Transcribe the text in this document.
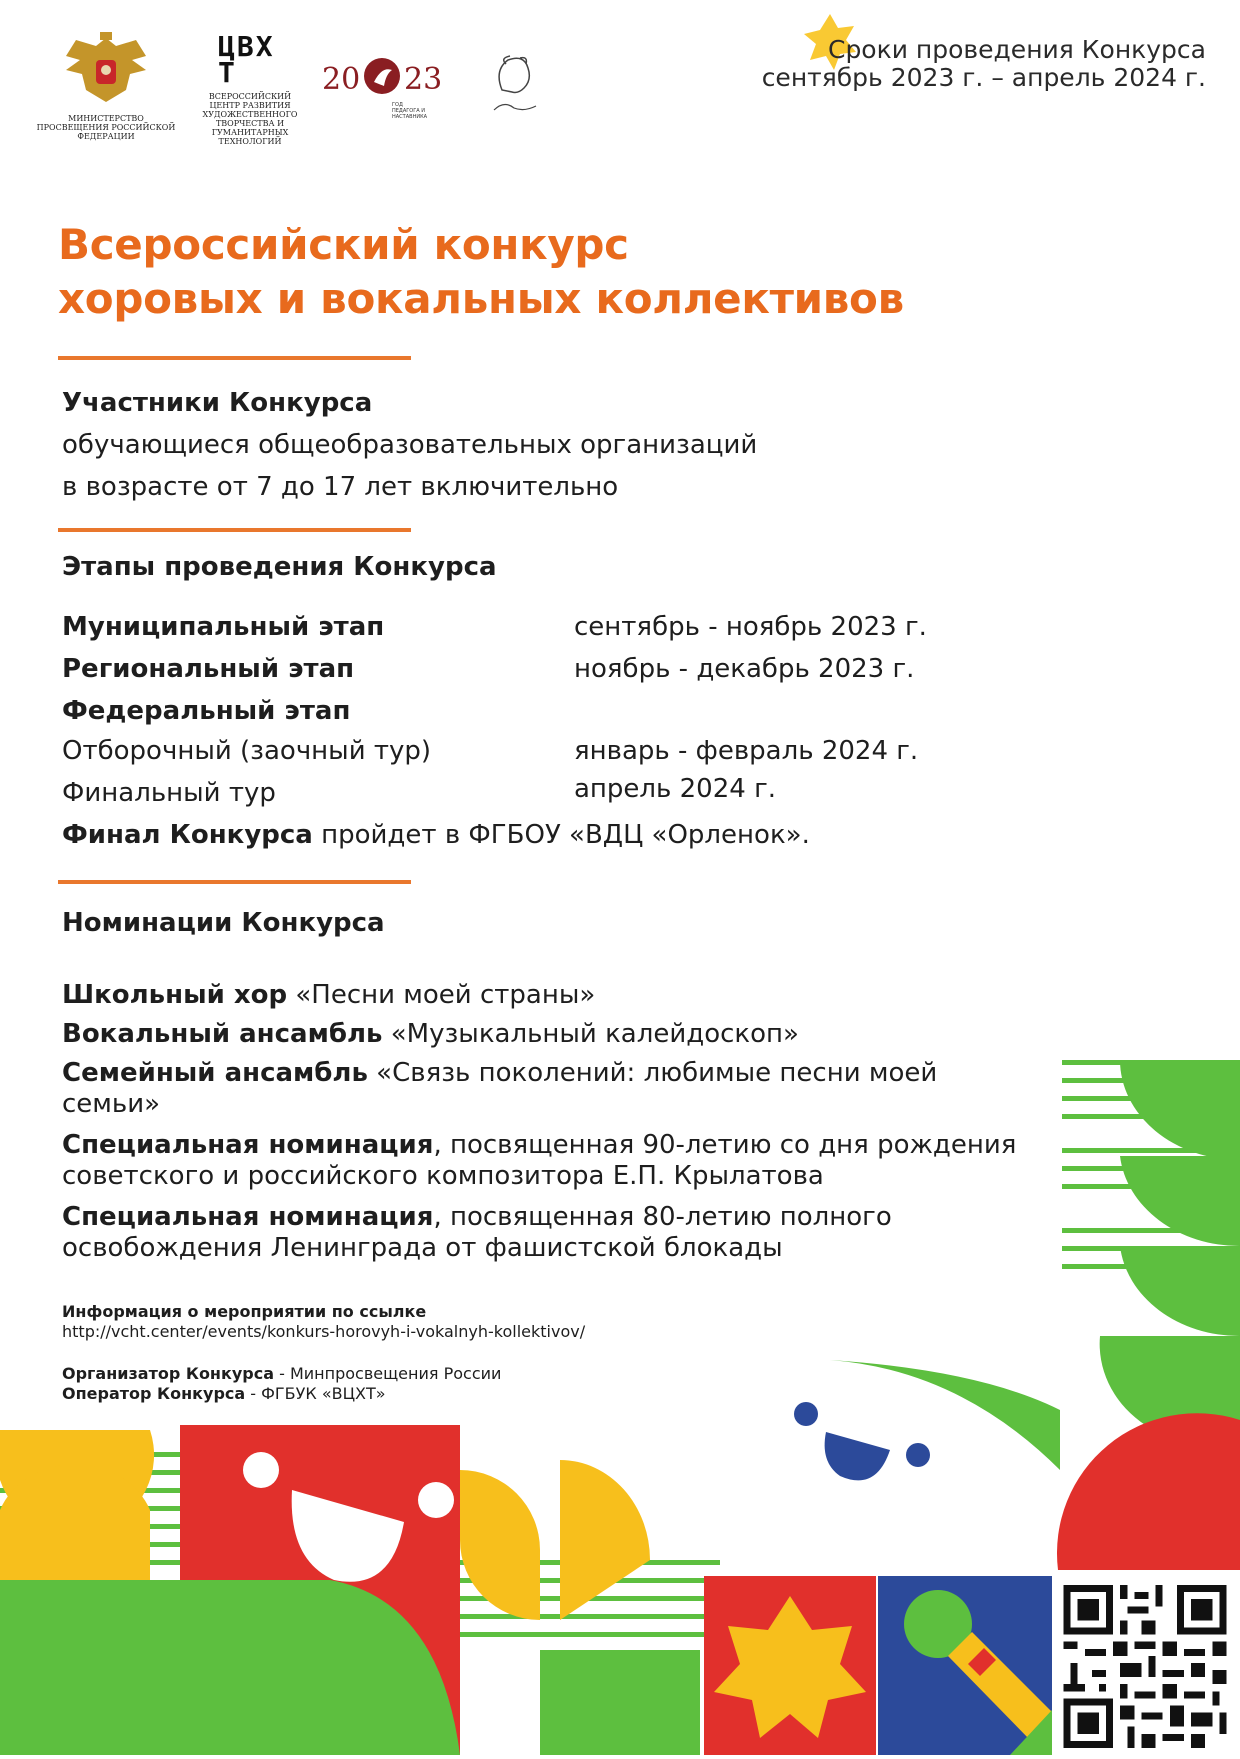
МИНИСТЕРСТВО ПРОСВЕЩЕНИЯ РОССИЙСКОЙ ФЕДЕРАЦИИ
ЦВХТ
ВСЕРОССИЙСКИЙ ЦЕНТР РАЗВИТИЯ ХУДОЖЕСТВЕННОГО ТВОРЧЕСТВА И ГУМАНИТАРНЫХ ТЕХНОЛОГИЙ
20 23
ГОД ПЕДАГОГА И НАСТАВНИКА
Сроки проведения Конкурса
сентябрь 2023 г. – апрель 2024 г.
Всероссийский конкурс
хоровых и вокальных коллективов
Участники Конкурса
обучающиеся общеобразовательных организаций
в возрасте от 7 до 17 лет включительно
Этапы проведения Конкурса
Муниципальный этап	сентябрь - ноябрь 2023 г.
Региональный этап	ноябрь - декабрь 2023 г.
Федеральный этап
Отборочный (заочный тур)	январь - февраль 2024 г.
Финальный тур	апрель 2024 г.
Финал Конкурса пройдет в ФГБОУ «ВДЦ «Орленок».
Номинации Конкурса
Школьный хор «Песни моей страны»
Вокальный ансамбль «Музыкальный калейдоскоп»
Семейный ансамбль «Связь поколений: любимые песни моей семьи»
Специальная номинация, посвященная 90-летию со дня рождения советского и российского композитора Е.П. Крылатова
Специальная номинация, посвященная 80-летию полного освобождения Ленинграда от фашистской блокады
Информация о мероприятии по ссылке
http://vcht.center/events/konkurs-horovyh-i-vokalnyh-kollektivov/
Организатор Конкурса - Минпросвещения России
Оператор Конкурса - ФГБУК «ВЦХТ»
